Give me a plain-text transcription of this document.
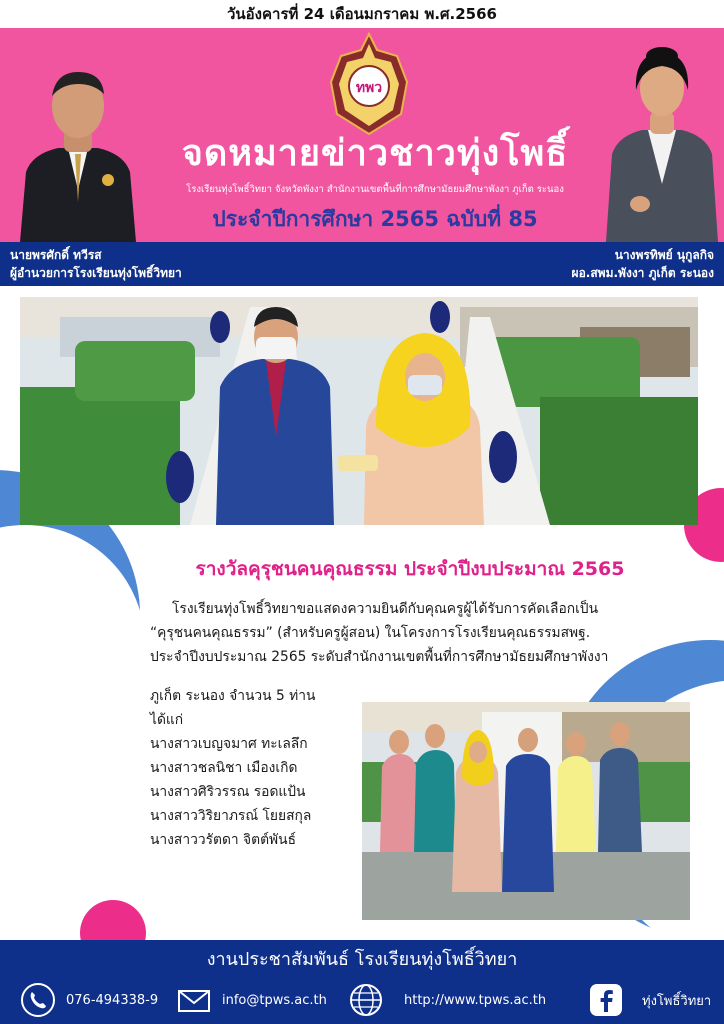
วันอังคารที่ 24 เดือนมกราคม พ.ศ.2566
ทพว
จดหมายข่าวชาวทุ่งโพธิ์
โรงเรียนทุ่งโพธิ์วิทยา จังหวัดพังงา สำนักงานเขตพื้นที่การศึกษามัธยมศึกษาพังงา ภูเก็ต ระนอง
ประจำปีการศึกษา 2565 ฉบับที่ 85
นายพรศักดิ์ ทวีรส
ผู้อำนวยการโรงเรียนทุ่งโพธิ์วิทยา
นางพรทิพย์ นุกูลกิจ
ผอ.สพม.พังงา ภูเก็ต ระนอง
รางวัลคุรุชนคนคุณธรรม ประจำปีงบประมาณ 2565
โรงเรียนทุ่งโพธิ์วิทยาขอแสดงความยินดีกับคุณครูผู้ได้รับการคัดเลือกเป็น
“คุรุชนคนคุณธรรม” (สำหรับครูผู้สอน) ในโครงการโรงเรียนคุณธรรมสพฐ.
ประจำปีงบประมาณ 2565 ระดับสำนักงานเขตพื้นที่การศึกษามัธยมศึกษาพังงา
ภูเก็ต ระนอง จำนวน 5 ท่าน
ได้แก่
นางสาวเบญจมาศ ทะเลลึก
นางสาวชลนิชา เมืองเกิด
นางสาวศิริวรรณ รอดแป้น
นางสาววิริยาภรณ์ โยยสกุล
นางสาววรัตดา จิตต์พันธ์
งานประชาสัมพันธ์ โรงเรียนทุ่งโพธิ์วิทยา
076-494338-9	info@tpws.ac.th	http://www.tpws.ac.th	ทุ่งโพธิ์วิทยา
